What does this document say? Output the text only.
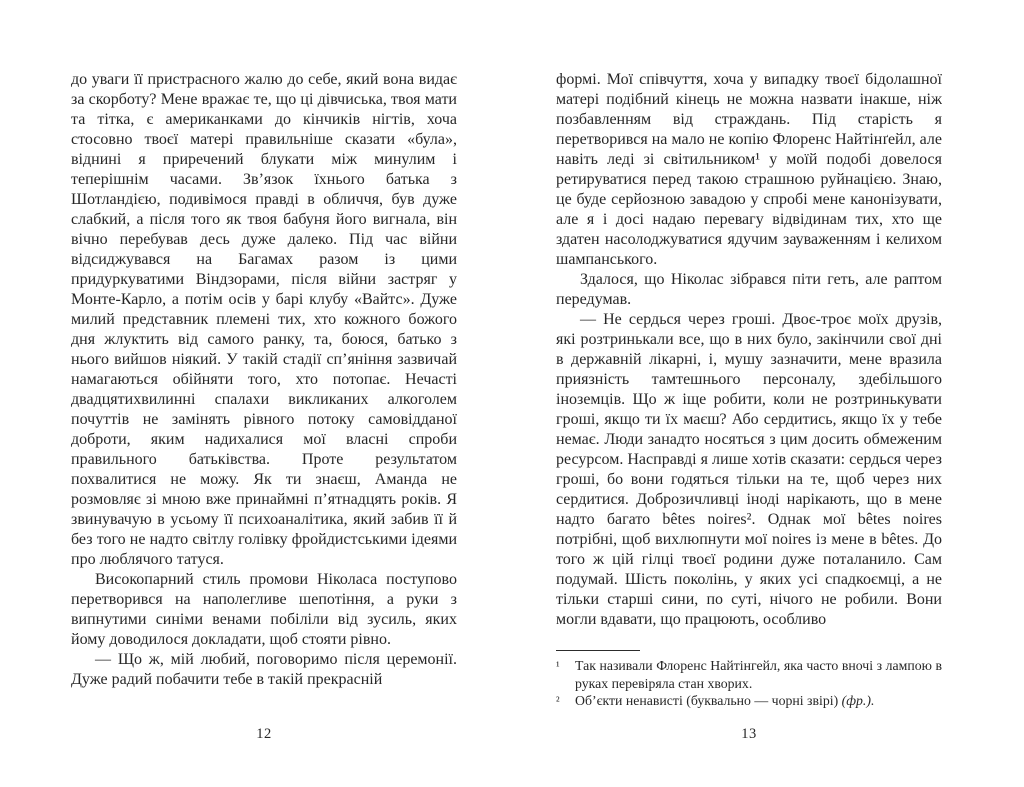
до уваги її пристрасного жалю до себе, який вона видає за скорботу? Мене вражає те, що ці дівчиська, твоя мати та тітка, є американками до кінчиків нігтів, хоча стосовно твоєї матері правильніше сказати «була», віднині я приречений блукати між минулим і теперішнім часами. Зв’язок їхнього батька з Шотландією, подивімося правді в обличчя, був дуже слабкий, а після того як твоя бабуня його вигнала, він вічно перебував десь дуже далеко. Під час війни відсиджувався на Багамах разом із цими придуркуватими Віндзорами, після війни застряг у Монте-Карло, а потім осів у барі клубу «Вайтс». Дуже милий представник племені тих, хто кожного божого дня жлуктить від самого ранку, та, боюся, батько з нього вийшов ніякий. У такій стадії сп’яніння зазвичай намагаються обійняти того, хто потопає. Нечасті двадцятихвилинні спалахи викликаних алкоголем почуттів не замінять рівного потоку самовідданої доброти, яким надихалися мої власні спроби правильного батьківства. Проте результатом похвалитися не можу. Як ти знаєш, Аманда не розмовляє зі мною вже принаймні п’ятнадцять років. Я звинувачую в усьому її психоаналітика, який забив її й без того не надто світлу голівку фройдистськими ідеями про люблячого татуся.

Високопарний стиль промови Ніколаса поступово перетворився на наполегливе шепотіння, а руки з випнутими синіми венами побіліли від зусиль, яких йому доводилося докладати, щоб стояти рівно.

— Що ж, мій любий, поговоримо після церемонії. Дуже радий побачити тебе в такій прекрасній

12

формі. Мої співчуття, хоча у випадку твоєї бідолашної матері подібний кінець не можна назвати інакше, ніж позбавленням від страждань. Під старість я перетворився на мало не копію Флоренс Найтінґейл, але навіть леді зі світильником¹ у моїй подобі довелося ретируватися перед такою страшною руйнацією. Знаю, це буде серйозною завадою у спробі мене канонізувати, але я і досі надаю перевагу відвідинам тих, хто ще здатен насолоджуватися ядучим зауваженням і келихом шампанського.

Здалося, що Ніколас зібрався піти геть, але раптом передумав.

— Не сердься через гроші. Двоє-троє моїх друзів, які розтринькали все, що в них було, закінчили свої дні в державній лікарні, і, мушу зазначити, мене вразила приязність тамтешнього персоналу, здебільшого іноземців. Що ж іще робити, коли не розтринькувати гроші, якщо ти їх маєш? Або сердитись, якщо їх у тебе немає. Люди занадто носяться з цим досить обмеженим ресурсом. Насправді я лише хотів сказати: сердься через гроші, бо вони годяться тільки на те, щоб через них сердитися. Доброзичливці іноді нарікають, що в мене надто багато bêtes noires². Однак мої bêtes noires потрібні, щоб вихлюпнути мої noires із мене в bêtes. До того ж цій гілці твоєї родини дуже поталанило. Сам подумай. Шість поколінь, у яких усі спадкоємці, а не тільки старші сини, по суті, нічого не робили. Вони могли вдавати, що працюють, особливо

¹ Так називали Флоренс Найтінгейл, яка часто вночі з лампою в руках перевіряла стан хворих.
² Об’єкти ненависті (буквально — чорні звірі) (фр.).
13
